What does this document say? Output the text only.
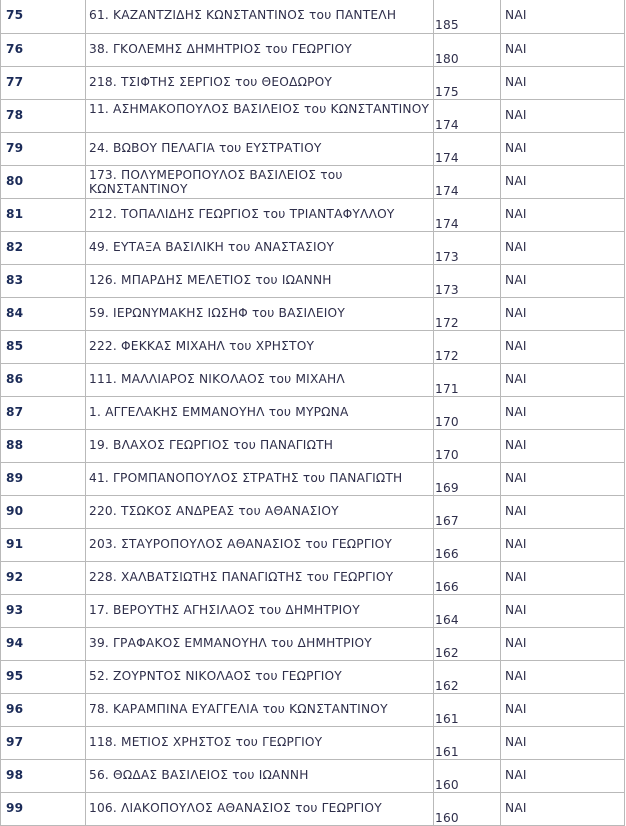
75	61. ΚΑΖΑΝΤΖΙΔΗΣ ΚΩΝΣΤΑΝΤΙΝΟΣ του ΠΑΝΤΕΛΗ	185	ΝΑΙ
76	38. ΓΚΟΛΕΜΗΣ ΔΗΜΗΤΡΙΟΣ του ΓΕΩΡΓΙΟΥ	180	ΝΑΙ
77	218. ΤΣΙΦΤΗΣ ΣΕΡΓΙΟΣ του ΘΕΟΔΩΡΟΥ	175	ΝΑΙ
78	11. ΑΣΗΜΑΚΟΠΟΥΛΟΣ ΒΑΣΙΛΕΙΟΣ του ΚΩΝΣΤΑΝΤΙΝΟΥ	174	ΝΑΙ
79	24. ΒΩΒΟΥ ΠΕΛΑΓΙΑ του ΕΥΣΤΡΑΤΙΟΥ	174	ΝΑΙ
80	173. ΠΟΛΥΜΕΡΟΠΟΥΛΟΣ ΒΑΣΙΛΕΙΟΣ του ΚΩΝΣΤΑΝΤΙΝΟΥ	174	ΝΑΙ
81	212. ΤΟΠΑΛΙΔΗΣ ΓΕΩΡΓΙΟΣ του ΤΡΙΑΝΤΑΦΥΛΛΟΥ	174	ΝΑΙ
82	49. ΕΥΤΑΞΑ ΒΑΣΙΛΙΚΗ του ΑΝΑΣΤΑΣΙΟΥ	173	ΝΑΙ
83	126. ΜΠΑΡΔΗΣ ΜΕΛΕΤΙΟΣ του ΙΩΑΝΝΗ	173	ΝΑΙ
84	59. ΙΕΡΩΝΥΜΑΚΗΣ ΙΩΣΗΦ του ΒΑΣΙΛΕΙΟΥ	172	ΝΑΙ
85	222. ΦΕΚΚΑΣ ΜΙΧΑΗΛ του ΧΡΗΣΤΟΥ	172	ΝΑΙ
86	111. ΜΑΛΛΙΑΡΟΣ ΝΙΚΟΛΑΟΣ του ΜΙΧΑΗΛ	171	ΝΑΙ
87	1. ΑΓΓΕΛΑΚΗΣ ΕΜΜΑΝΟΥΗΛ του ΜΥΡΩΝΑ	170	ΝΑΙ
88	19. ΒΛΑΧΟΣ ΓΕΩΡΓΙΟΣ του ΠΑΝΑΓΙΩΤΗ	170	ΝΑΙ
89	41. ΓΡΟΜΠΑΝΟΠΟΥΛΟΣ ΣΤΡΑΤΗΣ του ΠΑΝΑΓΙΩΤΗ	169	ΝΑΙ
90	220. ΤΣΩΚΟΣ ΑΝΔΡΕΑΣ του ΑΘΑΝΑΣΙΟΥ	167	ΝΑΙ
91	203. ΣΤΑΥΡΟΠΟΥΛΟΣ ΑΘΑΝΑΣΙΟΣ του ΓΕΩΡΓΙΟΥ	166	ΝΑΙ
92	228. ΧΑΛΒΑΤΣΙΩΤΗΣ ΠΑΝΑΓΙΩΤΗΣ του ΓΕΩΡΓΙΟΥ	166	ΝΑΙ
93	17. ΒΕΡΟΥΤΗΣ ΑΓΗΣΙΛΑΟΣ του ΔΗΜΗΤΡΙΟΥ	164	ΝΑΙ
94	39. ΓΡΑΦΑΚΟΣ ΕΜΜΑΝΟΥΗΛ του ΔΗΜΗΤΡΙΟΥ	162	ΝΑΙ
95	52. ΖΟΥΡΝΤΟΣ ΝΙΚΟΛΑΟΣ του ΓΕΩΡΓΙΟΥ	162	ΝΑΙ
96	78. ΚΑΡΑΜΠΙΝΑ ΕΥΑΓΓΕΛΙΑ του ΚΩΝΣΤΑΝΤΙΝΟΥ	161	ΝΑΙ
97	118. ΜΕΤΙΟΣ ΧΡΗΣΤΟΣ του ΓΕΩΡΓΙΟΥ	161	ΝΑΙ
98	56. ΘΩΔΑΣ ΒΑΣΙΛΕΙΟΣ του ΙΩΑΝΝΗ	160	ΝΑΙ
99	106. ΛΙΑΚΟΠΟΥΛΟΣ ΑΘΑΝΑΣΙΟΣ του ΓΕΩΡΓΙΟΥ	160	ΝΑΙ
